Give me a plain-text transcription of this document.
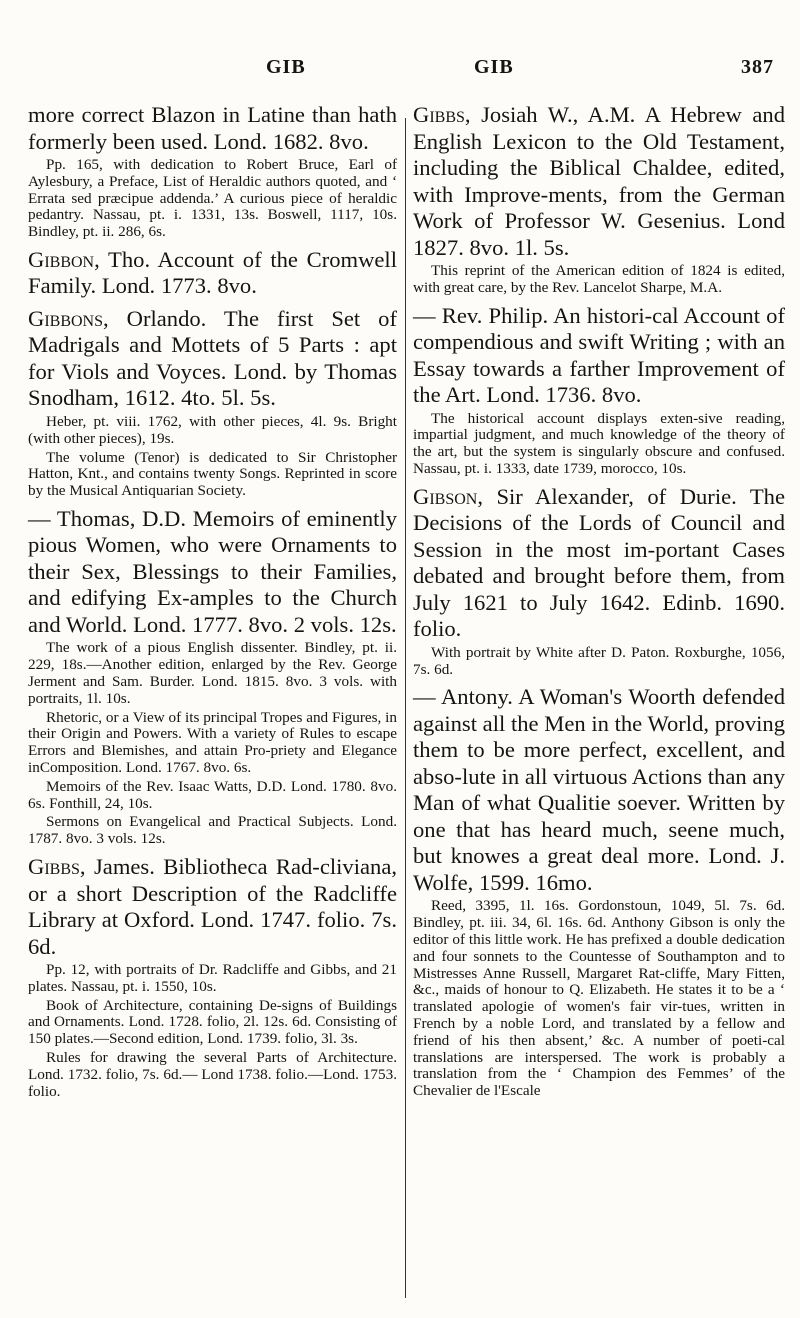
GIB	GIB	387

more correct Blazon in Latine than hath formerly been used. Lond. 1682. 8vo.

Pp. 165, with dedication to Robert Bruce, Earl of Aylesbury, a Preface, List of Heraldic authors quoted, and ‘ Errata sed præcipue addenda.’ A curious piece of heraldic pedantry. Nassau, pt. i. 1331, 13s. Boswell, 1117, 10s. Bindley, pt. ii. 286, 6s.

Gibbon, Tho. Account of the Cromwell Family. Lond. 1773. 8vo.

Gibbons, Orlando. The first Set of Madrigals and Mottets of 5 Parts : apt for Viols and Voyces. Lond. by Thomas Snodham, 1612. 4to. 5l. 5s.

Heber, pt. viii. 1762, with other pieces, 4l. 9s. Bright (with other pieces), 19s.

The volume (Tenor) is dedicated to Sir Christopher Hatton, Knt., and contains twenty Songs. Reprinted in score by the Musical Antiquarian Society.

— Thomas, D.D. Memoirs of eminently pious Women, who were Ornaments to their Sex, Blessings to their Families, and edifying Ex-amples to the Church and World. Lond. 1777. 8vo. 2 vols. 12s.

The work of a pious English dissenter. Bindley, pt. ii. 229, 18s.—Another edition, enlarged by the Rev. George Jerment and Sam. Burder. Lond. 1815. 8vo. 3 vols. with portraits, 1l. 10s.

Rhetoric, or a View of its principal Tropes and Figures, in their Origin and Powers. With a variety of Rules to escape Errors and Blemishes, and attain Pro-priety and Elegance inComposition. Lond. 1767. 8vo. 6s.

Memoirs of the Rev. Isaac Watts, D.D. Lond. 1780. 8vo. 6s. Fonthill, 24, 10s.

Sermons on Evangelical and Practical Subjects. Lond. 1787. 8vo. 3 vols. 12s.

Gibbs, James. Bibliotheca Rad-cliviana, or a short Description of the Radcliffe Library at Oxford. Lond. 1747. folio. 7s. 6d.

Pp. 12, with portraits of Dr. Radcliffe and Gibbs, and 21 plates. Nassau, pt. i. 1550, 10s.

Book of Architecture, containing De-signs of Buildings and Ornaments. Lond. 1728. folio, 2l. 12s. 6d. Consisting of 150 plates.—Second edition, Lond. 1739. folio, 3l. 3s.

Rules for drawing the several Parts of Architecture. Lond. 1732. folio, 7s. 6d.— Lond 1738. folio.—Lond. 1753. folio.

Gibbs, Josiah W., A.M. A Hebrew and English Lexicon to the Old Testament, including the Biblical Chaldee, edited, with Improve-ments, from the German Work of Professor W. Gesenius. Lond 1827. 8vo. 1l. 5s.

This reprint of the American edition of 1824 is edited, with great care, by the Rev. Lancelot Sharpe, M.A.

— Rev. Philip. An histori-cal Account of compendious and swift Writing ; with an Essay towards a farther Improvement of the Art. Lond. 1736. 8vo.

The historical account displays exten-sive reading, impartial judgment, and much knowledge of the theory of the art, but the system is singularly obscure and confused. Nassau, pt. i. 1333, date 1739, morocco, 10s.

Gibson, Sir Alexander, of Durie. The Decisions of the Lords of Council and Session in the most im-portant Cases debated and brought before them, from July 1621 to July 1642. Edinb. 1690. folio.

With portrait by White after D. Paton. Roxburghe, 1056, 7s. 6d.

— Antony. A Woman's Woorth defended against all the Men in the World, proving them to be more perfect, excellent, and abso-lute in all virtuous Actions than any Man of what Qualitie soever. Written by one that has heard much, seene much, but knowes a great deal more. Lond. J. Wolfe, 1599. 16mo.

Reed, 3395, 1l. 16s. Gordonstoun, 1049, 5l. 7s. 6d. Bindley, pt. iii. 34, 6l. 16s. 6d. Anthony Gibson is only the editor of this little work. He has prefixed a double dedication and four sonnets to the Countesse of Southampton and to Mistresses Anne Russell, Margaret Rat-cliffe, Mary Fitten, &c., maids of honour to Q. Elizabeth. He states it to be a ‘ translated apologie of women's fair vir-tues, written in French by a noble Lord, and translated by a fellow and friend of his then absent,’ &c. A number of poeti-cal translations are interspersed. The work is probably a translation from the ‘ Champion des Femmes’ of the Chevalier de l'Escale
